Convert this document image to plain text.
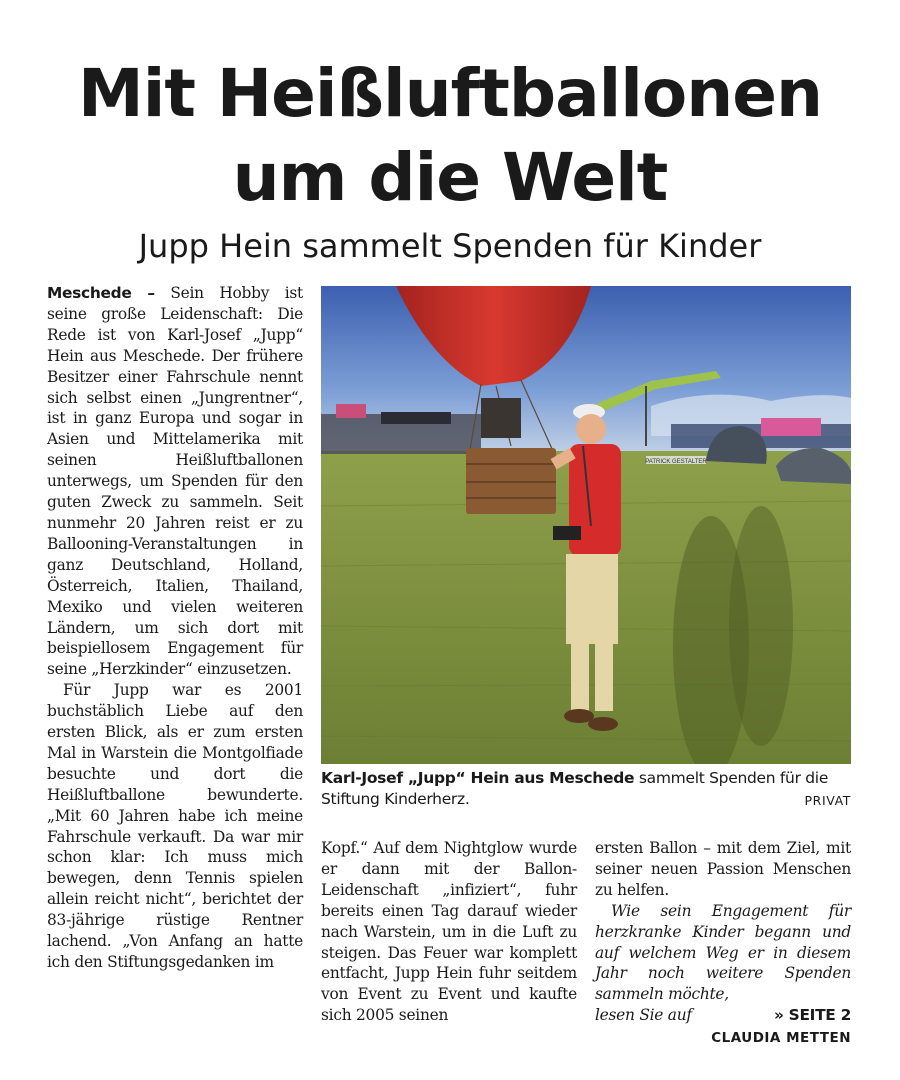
Mit Heißluftballonen
um die Welt
Jupp Hein sammelt Spenden für Kinder

Meschede – Sein Hobby ist seine große Leidenschaft: Die Rede ist von Karl-Josef „Jupp“ Hein aus Meschede. Der frühere Besitzer einer Fahrschule nennt sich selbst einen „Jungrentner“, ist in ganz Europa und sogar in Asien und Mittelamerika mit seinen Heißluftballonen unterwegs, um Spenden für den guten Zweck zu sammeln. Seit nunmehr 20 Jahren reist er zu Ballooning-Veranstaltungen in ganz Deutschland, Holland, Österreich, Italien, Thailand, Mexiko und vielen weiteren Ländern, um sich dort mit beispiellosem Engagement für seine „Herzkinder“ einzusetzen.

Für Jupp war es 2001 buchstäblich Liebe auf den ersten Blick, als er zum ersten Mal in Warstein die Montgolfiade besuchte und dort die Heißluftballone bewunderte. „Mit 60 Jahren habe ich meine Fahrschule verkauft. Da war mir schon klar: Ich muss mich bewegen, denn Tennis spielen allein reicht nicht“, berichtet der 83-jährige rüstige Rentner lachend. „Von Anfang an hatte ich den Stiftungsgedanken im

PATRICK GESTALTER
Karl-Josef „Jupp“ Hein aus Meschede sammelt Spenden für die Stiftung Kinderherz.	PRIVAT

Kopf.“ Auf dem Nightglow wurde er dann mit der Ballon-Leidenschaft „infiziert“, fuhr bereits einen Tag darauf wieder nach Warstein, um in die Luft zu steigen. Das Feuer war komplett entfacht, Jupp Hein fuhr seitdem von Event zu Event und kaufte sich 2005 seinen

ersten Ballon – mit dem Ziel, mit seiner neuen Passion Menschen zu helfen.

Wie sein Engagement für herzkranke Kinder begann und auf welchem Weg er in diesem Jahr noch weitere Spenden sammeln möchte,

lesen Sie auf	» SEITE 2
CLAUDIA METTEN
